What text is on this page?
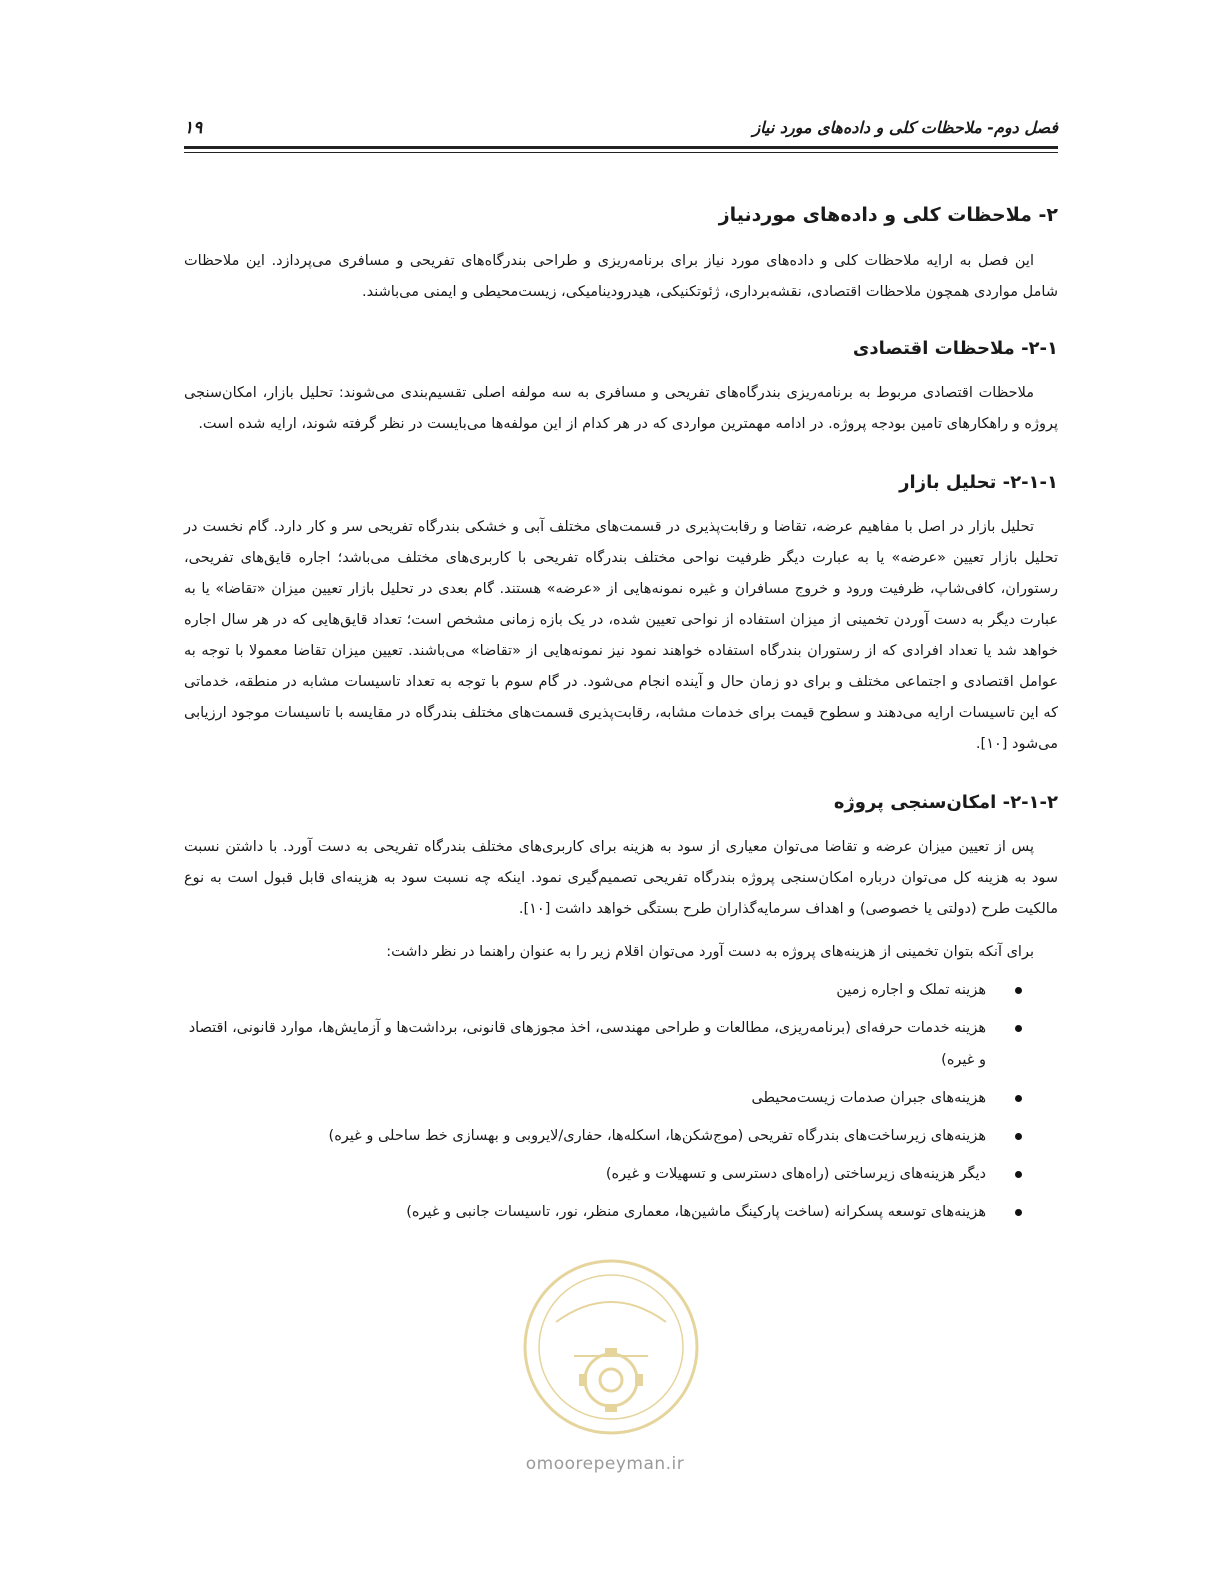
فصل دوم- ملاحظات کلی و داده‌های مورد نیاز
۱۹
۲- ملاحظات کلی و داده‌های موردنیاز

این فصل به ارایه ملاحظات کلی و داده‌های مورد نیاز برای برنامه‌ریزی و طراحی بندرگاه‌های تفریحی و مسافری می‌پردازد. این ملاحظات شامل مواردی همچون ملاحظات اقتصادی، نقشه‌برداری، ژئوتکنیکی، هیدرودینامیکی، زیست‌محیطی و ایمنی می‌باشند.

۲-۱- ملاحظات اقتصادی

ملاحظات اقتصادی مربوط به برنامه‌ریزی بندرگاه‌های تفریحی و مسافری به سه مولفه اصلی تقسیم‌بندی می‌شوند: تحلیل بازار، امکان‌سنجی پروژه و راهکارهای تامین بودجه پروژه. در ادامه مهمترین مواردی که در هر کدام از این مولفه‌ها می‌بایست در نظر گرفته شوند، ارایه شده است.

۲-۱-۱- تحلیل بازار

تحلیل بازار در اصل با مفاهیم عرضه، تقاضا و رقابت‌پذیری در قسمت‌های مختلف آبی و خشکی بندرگاه تفریحی سر و کار دارد. گام نخست در تحلیل بازار تعیین «عرضه» یا به عبارت دیگر ظرفیت نواحی مختلف بندرگاه تفریحی با کاربری‌های مختلف می‌باشد؛ اجاره قایق‌های تفریحی، رستوران، کافی‌شاپ، ظرفیت ورود و خروج مسافران و غیره نمونه‌هایی از «عرضه» هستند. گام بعدی در تحلیل بازار تعیین میزان «تقاضا» یا به عبارت دیگر به دست آوردن تخمینی از میزان استفاده از نواحی تعیین شده، در یک بازه زمانی مشخص است؛ تعداد قایق‌هایی که در هر سال اجاره خواهد شد یا تعداد افرادی که از رستوران بندرگاه استفاده خواهند نمود نیز نمونه‌هایی از «تقاضا» می‌باشند. تعیین میزان تقاضا معمولا با توجه به عوامل اقتصادی و اجتماعی مختلف و برای دو زمان حال و آینده انجام می‌شود. در گام سوم با توجه به تعداد تاسیسات مشابه در منطقه، خدماتی که این تاسیسات ارایه می‌دهند و سطوح قیمت برای خدمات مشابه، رقابت‌پذیری قسمت‌های مختلف بندرگاه در مقایسه با تاسیسات موجود ارزیابی می‌شود [۱۰].

۲-۱-۲- امکان‌سنجی پروژه

پس از تعیین میزان عرضه و تقاضا می‌توان معیاری از سود به هزینه برای کاربری‌های مختلف بندرگاه تفریحی به دست آورد. با داشتن نسبت سود به هزینه کل می‌توان درباره امکان‌سنجی پروژه بندرگاه تفریحی تصمیم‌گیری نمود. اینکه چه نسبت سود به هزینه‌ای قابل قبول است به نوع مالکیت طرح (دولتی یا خصوصی) و اهداف سرمایه‌گذاران طرح بستگی خواهد داشت [۱۰].

برای آنکه بتوان تخمینی از هزینه‌های پروژه به دست آورد می‌توان اقلام زیر را به عنوان راهنما در نظر داشت:

هزینه تملک و اجاره زمین
هزینه خدمات حرفه‌ای (برنامه‌ریزی، مطالعات و طراحی مهندسی، اخذ مجوزهای قانونی، برداشت‌ها و آزمایش‌ها، موارد قانونی، اقتصاد و غیره)
هزینه‌های جبران صدمات زیست‌محیطی
هزینه‌های زیرساخت‌های بندرگاه تفریحی (موج‌شکن‌ها، اسکله‌ها، حفاری/لایروبی و بهسازی خط ساحلی و غیره)
دیگر هزینه‌های زیرساختی (راه‌های دسترسی و تسهیلات و غیره)
هزینه‌های توسعه پسکرانه (ساخت پارکینگ ماشین‌ها، معماری منظر، نور، تاسیسات جانبی و غیره)
omoorepeyman.ir
